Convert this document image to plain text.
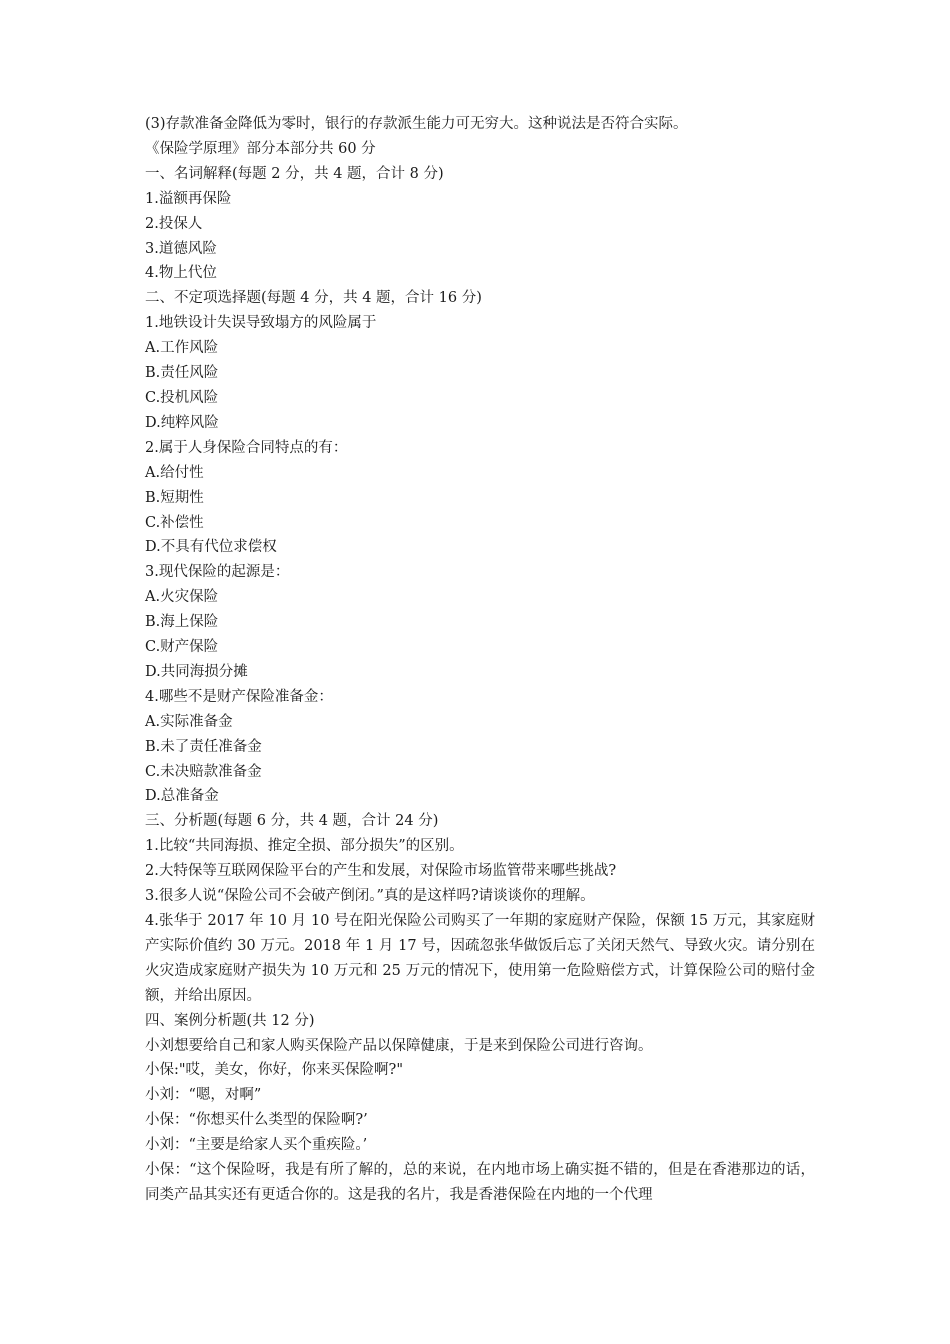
(3)存款准备金降低为零时，银行的存款派生能力可无穷大。这种说法是否符合实际。

《保险学原理》部分本部分共 60 分

一、名词解释(每题 2 分，共 4 题，合计 8 分)

1.溢额再保险

2.投保人

3.道德风险

4.物上代位

二、不定项选择题(每题 4 分，共 4 题，合计 16 分)

1.地铁设计失误导致塌方的风险属于

A.工作风险

B.责任风险

C.投机风险

D.纯粹风险

2.属于人身保险合同特点的有：

A.给付性

B.短期性

C.补偿性

D.不具有代位求偿权

3.现代保险的起源是：

A.火灾保险

B.海上保险

C.财产保险

D.共同海损分摊

4.哪些不是财产保险准备金：

A.实际准备金

B.未了责任准备金

C.未决赔款准备金

D.总准备金

三、分析题(每题 6 分，共 4 题，合计 24 分)

1.比较“共同海损、推定全损、部分损失”的区别。

2.大特保等互联网保险平台的产生和发展，对保险市场监管带来哪些挑战?

3.很多人说“保险公司不会破产倒闭。”真的是这样吗?请谈谈你的理解。

4.张华于 2017 年 10 月 10 号在阳光保险公司购买了一年期的家庭财产保险，保额 15 万元，其家庭财产实际价值约 30 万元。2018 年 1 月 17 号，因疏忽张华做饭后忘了关闭天然气、导致火灾。请分别在火灾造成家庭财产损失为 10 万元和 25 万元的情况下，使用第一危险赔偿方式，计算保险公司的赔付金额，并给出原因。

四、案例分析题(共 12 分)

小刘想要给自己和家人购买保险产品以保障健康，于是来到保险公司进行咨询。

小保:"哎，美女，你好，你来买保险啊?"

小刘：“嗯，对啊”

小保：“你想买什么类型的保险啊?’

小刘：“主要是给家人买个重疾险。’

小保：“这个保险呀，我是有所了解的，总的来说，在内地市场上确实挺不错的，但是在香港那边的话，同类产品其实还有更适合你的。这是我的名片，我是香港保险在内地的一个代理
